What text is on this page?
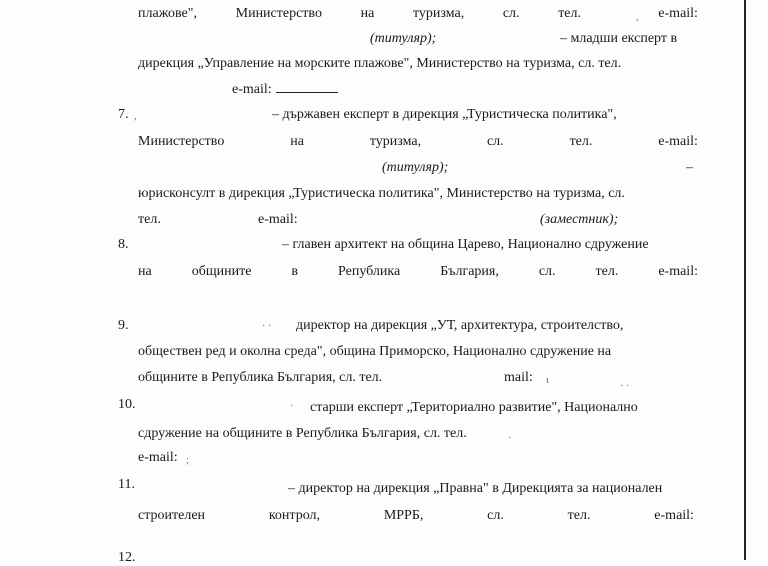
плажове",	Министерство	на	туризма,	сл.	тел.	e-mail:
,
(титуляр);	– младши експерт в
дирекция „Управление на морските плажове", Министерство на туризма, сл. тел.
e-mail:
7. ,	– държавен експерт в дирекция „Туристическа политика",
Министерство	на	туризма,	сл.	тел.	e-mail:
(титуляр);	–
юрисконсулт в дирекция „Туристическа политика", Министерство на туризма, сл.
тел.	e-mail:	(заместник);
8.	– главен архитект на община Царево, Национално сдружение
на	общините	в	Република	България,	сл.	тел.	e-mail:
9.	· · директор на дирекция „УТ, архитектура, строителство,
обществен ред и околна среда", община Приморско, Национално сдружение на
общините в Република България, сл. тел.	mail: ι
· ·
10.	· старши експерт „Териториално развитие", Национално
сдружение на общините в Република България, сл. тел.	·
e-mail: ;
11.	– директор на дирекция „Правна" в Дирекцията за национален
строителен	контрол,	МРРБ,	сл.	тел.	e-mail:
12.
